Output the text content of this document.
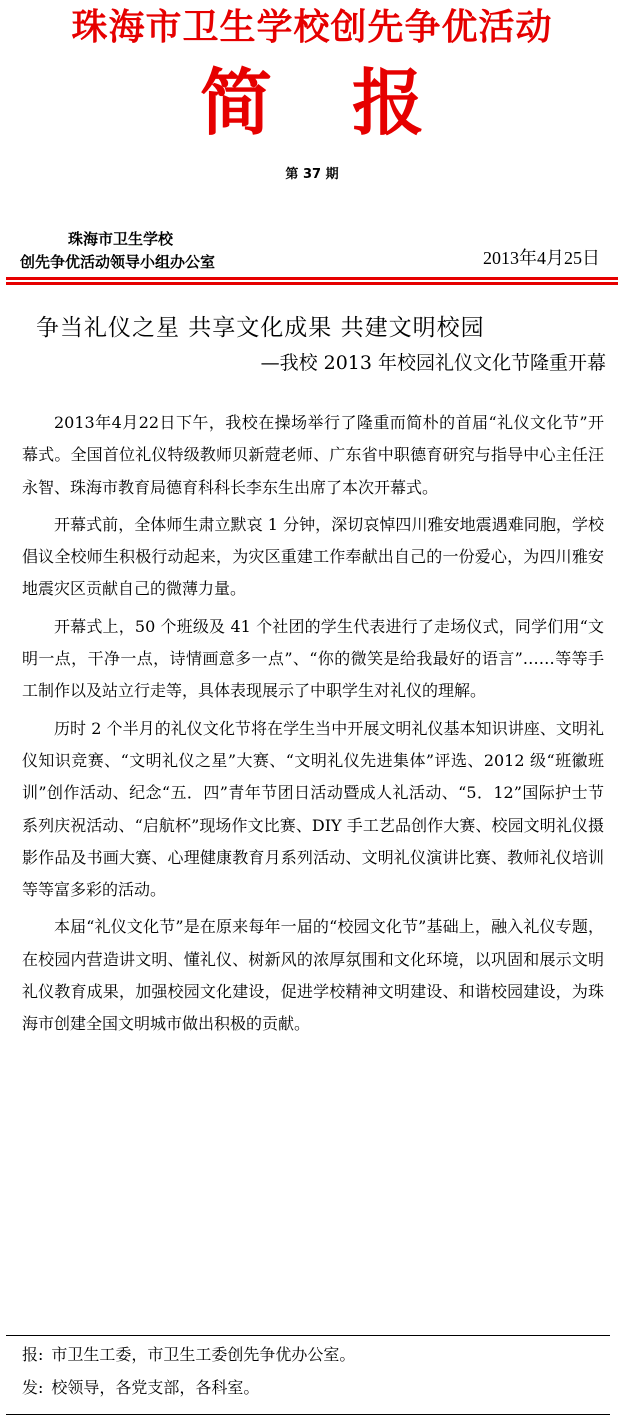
珠海市卫生学校创先争优活动
简 报
第 37 期
珠海市卫生学校
创先争优活动领导小组办公室	2013年4月25日
争当礼仪之星 共享文化成果 共建文明校园
—我校 2013 年校园礼仪文化节隆重开幕

2013年4月22日下午，我校在操场举行了隆重而简朴的首届“礼仪文化节”开幕式。全国首位礼仪特级教师贝新蒄老师、广东省中职德育研究与指导中心主任汪永智、珠海市教育局德育科科长李东生出席了本次开幕式。

开幕式前，全体师生肃立默哀 1 分钟，深切哀悼四川雅安地震遇难同胞，学校倡议全校师生积极行动起来，为灾区重建工作奉献出自己的一份爱心，为四川雅安地震灾区贡献自己的微薄力量。

开幕式上，50 个班级及 41 个社团的学生代表进行了走场仪式，同学们用“文明一点，干净一点，诗情画意多一点”、“你的微笑是给我最好的语言”……等等手工制作以及站立行走等，具体表现展示了中职学生对礼仪的理解。

历时 2 个半月的礼仪文化节将在学生当中开展文明礼仪基本知识讲座、文明礼仪知识竞赛、“文明礼仪之星”大赛、“文明礼仪先进集体”评选、2012 级“班徽班训”创作活动、纪念“五．四”青年节团日活动暨成人礼活动、“5．12”国际护士节系列庆祝活动、“启航杯”现场作文比赛、DIY 手工艺品创作大赛、校园文明礼仪摄影作品及书画大赛、心理健康教育月系列活动、文明礼仪演讲比赛、教师礼仪培训等等富多彩的活动。

本届“礼仪文化节”是在原来每年一届的“校园文化节”基础上，融入礼仪专题，在校园内营造讲文明、懂礼仪、树新风的浓厚氛围和文化环境，以巩固和展示文明礼仪教育成果，加强校园文化建设，促进学校精神文明建设、和谐校园建设，为珠海市创建全国文明城市做出积极的贡献。

报: 市卫生工委，市卫生工委创先争优办公室。
发: 校领导，各党支部，各科室。
